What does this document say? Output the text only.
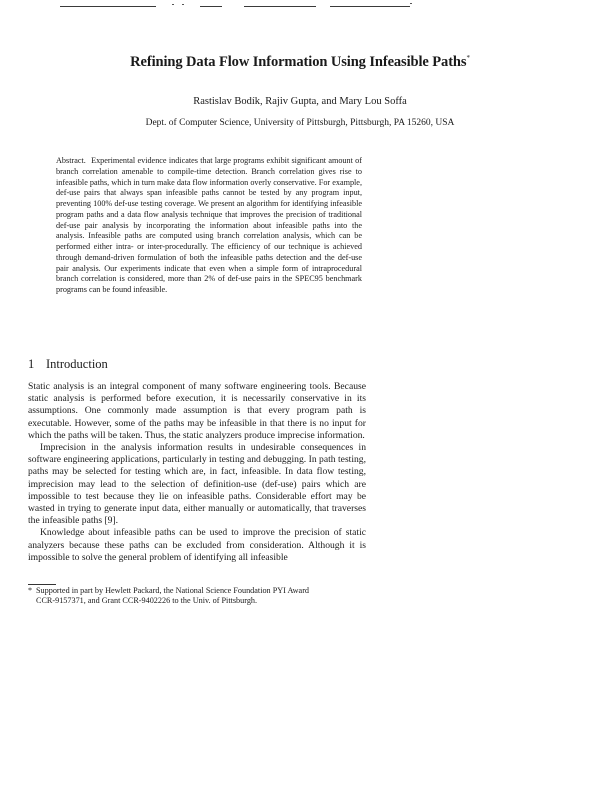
Refining Data Flow Information Using Infeasible Paths*
Rastislav Bodík, Rajiv Gupta, and Mary Lou Soffa
Dept. of Computer Science, University of Pittsburgh, Pittsburgh, PA 15260, USA
Abstract. Experimental evidence indicates that large programs exhibit significant amount of branch correlation amenable to compile-time detection. Branch correlation gives rise to infeasible paths, which in turn make data flow information overly conservative. For example, def-use pairs that always span infeasible paths cannot be tested by any program input, preventing 100% def-use testing coverage. We present an algorithm for identifying infeasible program paths and a data flow analysis technique that improves the precision of traditional def-use pair analysis by incorporating the information about infeasible paths into the analysis. Infeasible paths are computed using branch correlation analysis, which can be performed either intra- or inter-procedurally. The efficiency of our technique is achieved through demand-driven formulation of both the infeasible paths detection and the def-use pair analysis. Our experiments indicate that even when a simple form of intraprocedural branch correlation is considered, more than 2% of def-use pairs in the SPEC95 benchmark programs can be found infeasible.
1 Introduction

Static analysis is an integral component of many software engineering tools. Because static analysis is performed before execution, it is necessarily conservative in its assumptions. One commonly made assumption is that every program path is executable. However, some of the paths may be infeasible in that there is no input for which the paths will be taken. Thus, the static analyzers produce imprecise information.

Imprecision in the analysis information results in undesirable consequences in software engineering applications, particularly in testing and debugging. In path testing, paths may be selected for testing which are, in fact, infeasible. In data flow testing, imprecision may lead to the selection of definition-use (def-use) pairs which are impossible to test because they lie on infeasible paths. Considerable effort may be wasted in trying to generate input data, either manually or automatically, that traverses the infeasible paths [9].

Knowledge about infeasible paths can be used to improve the precision of static analyzers because these paths can be excluded from consideration. Although it is impossible to solve the general problem of identifying all infeasible

* Supported in part by Hewlett Packard, the National Science Foundation PYI Award
CCR-9157371, and Grant CCR-9402226 to the Univ. of Pittsburgh.
